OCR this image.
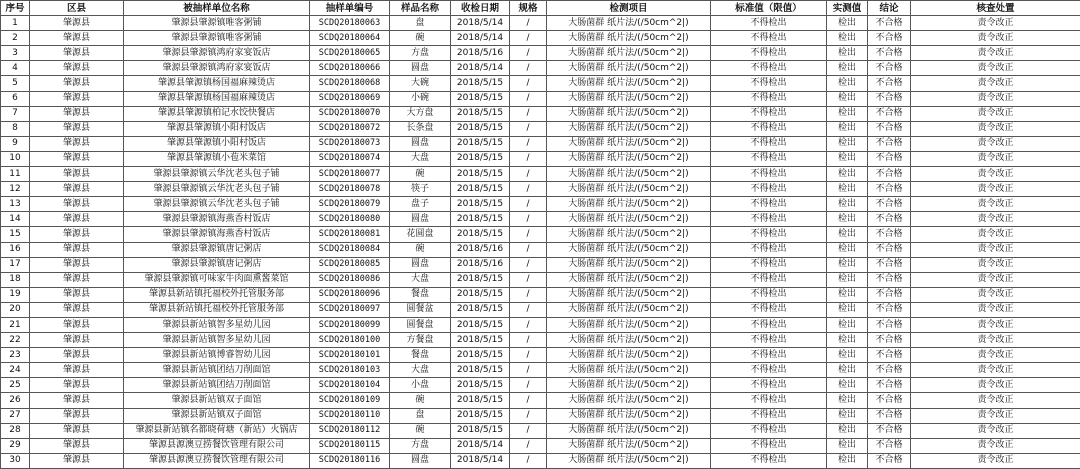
序号	区县	被抽样单位名称	抽样单编号	样品名称	收检日期	规格	检测项目	标准值（限值）	实测值	结论	核查处置
1	肇源县	肇源县肇源镇唯客粥铺	SCDQ20180063	盘	2018/5/14	/	大肠菌群 纸片法/(/50cm^2|)	不得检出	检出	不合格	责令改正
2	肇源县	肇源县肇源镇唯客粥铺	SCDQ20180064	碗	2018/5/14	/	大肠菌群 纸片法/(/50cm^2|)	不得检出	检出	不合格	责令改正
3	肇源县	肇源县肇源镇鸿府家宴饭店	SCDQ20180065	方盘	2018/5/16	/	大肠菌群 纸片法/(/50cm^2|)	不得检出	检出	不合格	责令改正
4	肇源县	肇源县肇源镇鸿府家宴饭店	SCDQ20180066	圆盘	2018/5/14	/	大肠菌群 纸片法/(/50cm^2|)	不得检出	检出	不合格	责令改正
5	肇源县	肇源县肇源镇杨国福麻辣烫店	SCDQ20180068	大碗	2018/5/15	/	大肠菌群 纸片法/(/50cm^2|)	不得检出	检出	不合格	责令改正
6	肇源县	肇源县肇源镇杨国福麻辣烫店	SCDQ20180069	小碗	2018/5/15	/	大肠菌群 纸片法/(/50cm^2|)	不得检出	检出	不合格	责令改正
7	肇源县	肇源县肇源镇柏记水饺快餐店	SCDQ20180070	大方盘	2018/5/15	/	大肠菌群 纸片法/(/50cm^2|)	不得检出	检出	不合格	责令改正
8	肇源县	肇源县肇源镇小阳村饭店	SCDQ20180072	长条盘	2018/5/15	/	大肠菌群 纸片法/(/50cm^2|)	不得检出	检出	不合格	责令改正
9	肇源县	肇源县肇源镇小阳村饭店	SCDQ20180073	圆盘	2018/5/15	/	大肠菌群 纸片法/(/50cm^2|)	不得检出	检出	不合格	责令改正
10	肇源县	肇源县肇源镇小苞米菜馆	SCDQ20180074	大盘	2018/5/15	/	大肠菌群 纸片法/(/50cm^2|)	不得检出	检出	不合格	责令改正
11	肇源县	肇源县肇源镇云华沈老头包子铺	SCDQ20180077	碗	2018/5/15	/	大肠菌群 纸片法/(/50cm^2|)	不得检出	检出	不合格	责令改正
12	肇源县	肇源县肇源镇云华沈老头包子铺	SCDQ20180078	筷子	2018/5/15	/	大肠菌群 纸片法/(/50cm^2|)	不得检出	检出	不合格	责令改正
13	肇源县	肇源县肇源镇云华沈老头包子铺	SCDQ20180079	盘子	2018/5/15	/	大肠菌群 纸片法/(/50cm^2|)	不得检出	检出	不合格	责令改正
14	肇源县	肇源县肇源镇海燕香村饭店	SCDQ20180080	圆盘	2018/5/15	/	大肠菌群 纸片法/(/50cm^2|)	不得检出	检出	不合格	责令改正
15	肇源县	肇源县肇源镇海燕香村饭店	SCDQ20180081	花圆盘	2018/5/15	/	大肠菌群 纸片法/(/50cm^2|)	不得检出	检出	不合格	责令改正
16	肇源县	肇源县肇源镇唐记粥店	SCDQ20180084	碗	2018/5/16	/	大肠菌群 纸片法/(/50cm^2|)	不得检出	检出	不合格	责令改正
17	肇源县	肇源县肇源镇唐记粥店	SCDQ20180085	圆盘	2018/5/16	/	大肠菌群 纸片法/(/50cm^2|)	不得检出	检出	不合格	责令改正
18	肇源县	肇源县肇源镇可味家牛肉面熏酱菜馆	SCDQ20180086	大盘	2018/5/15	/	大肠菌群 纸片法/(/50cm^2|)	不得检出	检出	不合格	责令改正
19	肇源县	肇源县新站镇托福校外托管服务部	SCDQ20180096	餐盘	2018/5/15	/	大肠菌群 纸片法/(/50cm^2|)	不得检出	检出	不合格	责令改正
20	肇源县	肇源县新站镇托福校外托管服务部	SCDQ20180097	圆餐盆	2018/5/15	/	大肠菌群 纸片法/(/50cm^2|)	不得检出	检出	不合格	责令改正
21	肇源县	肇源县新站镇智多星幼儿园	SCDQ20180099	圆餐盘	2018/5/15	/	大肠菌群 纸片法/(/50cm^2|)	不得检出	检出	不合格	责令改正
22	肇源县	肇源县新站镇智多星幼儿园	SCDQ20180100	方餐盘	2018/5/15	/	大肠菌群 纸片法/(/50cm^2|)	不得检出	检出	不合格	责令改正
23	肇源县	肇源县新站镇博睿智幼儿园	SCDQ20180101	餐盘	2018/5/15	/	大肠菌群 纸片法/(/50cm^2|)	不得检出	检出	不合格	责令改正
24	肇源县	肇源县新站镇团结刀削面馆	SCDQ20180103	大盘	2018/5/15	/	大肠菌群 纸片法/(/50cm^2|)	不得检出	检出	不合格	责令改正
25	肇源县	肇源县新站镇团结刀削面馆	SCDQ20180104	小盘	2018/5/15	/	大肠菌群 纸片法/(/50cm^2|)	不得检出	检出	不合格	责令改正
26	肇源县	肇源县新站镇双子面馆	SCDQ20180109	碗	2018/5/15	/	大肠菌群 纸片法/(/50cm^2|)	不得检出	检出	不合格	责令改正
27	肇源县	肇源县新站镇双子面馆	SCDQ20180110	盘	2018/5/15	/	大肠菌群 纸片法/(/50cm^2|)	不得检出	检出	不合格	责令改正
28	肇源县	肇源县新站镇名都晓荷塘（新站）火锅店	SCDQ20180112	碗	2018/5/15	/	大肠菌群 纸片法/(/50cm^2|)	不得检出	检出	不合格	责令改正
29	肇源县	肇源县源澳豆捞餐饮管理有限公司	SCDQ20180115	方盘	2018/5/14	/	大肠菌群 纸片法/(/50cm^2|)	不得检出	检出	不合格	责令改正
30	肇源县	肇源县源澳豆捞餐饮管理有限公司	SCDQ20180116	圆盘	2018/5/14	/	大肠菌群 纸片法/(/50cm^2|)	不得检出	检出	不合格	责令改正
